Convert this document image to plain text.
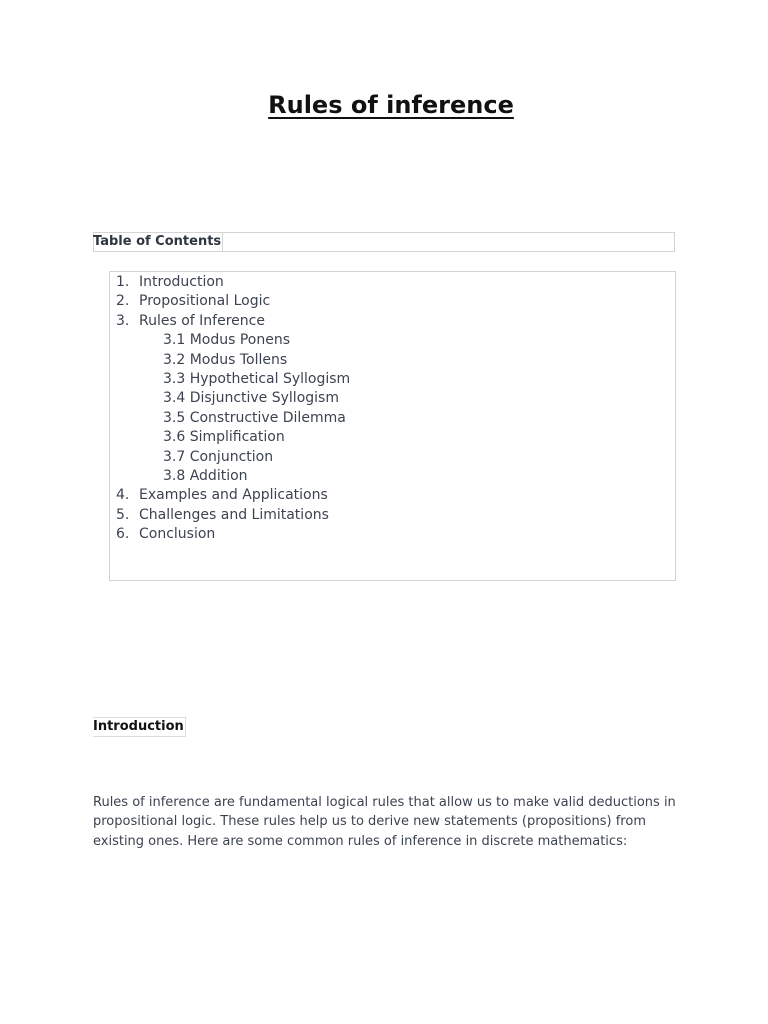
Rules of inference
Table of Contents
1. Introduction
2. Propositional Logic
3. Rules of Inference
3.1 Modus Ponens
3.2 Modus Tollens
3.3 Hypothetical Syllogism
3.4 Disjunctive Syllogism
3.5 Constructive Dilemma
3.6 Simplification
3.7 Conjunction
3.8 Addition
4. Examples and Applications
5. Challenges and Limitations
6. Conclusion
Introduction

Rules of inference are fundamental logical rules that allow us to make valid deductions in propositional logic. These rules help us to derive new statements (propositions) from existing ones. Here are some common rules of inference in discrete mathematics:
